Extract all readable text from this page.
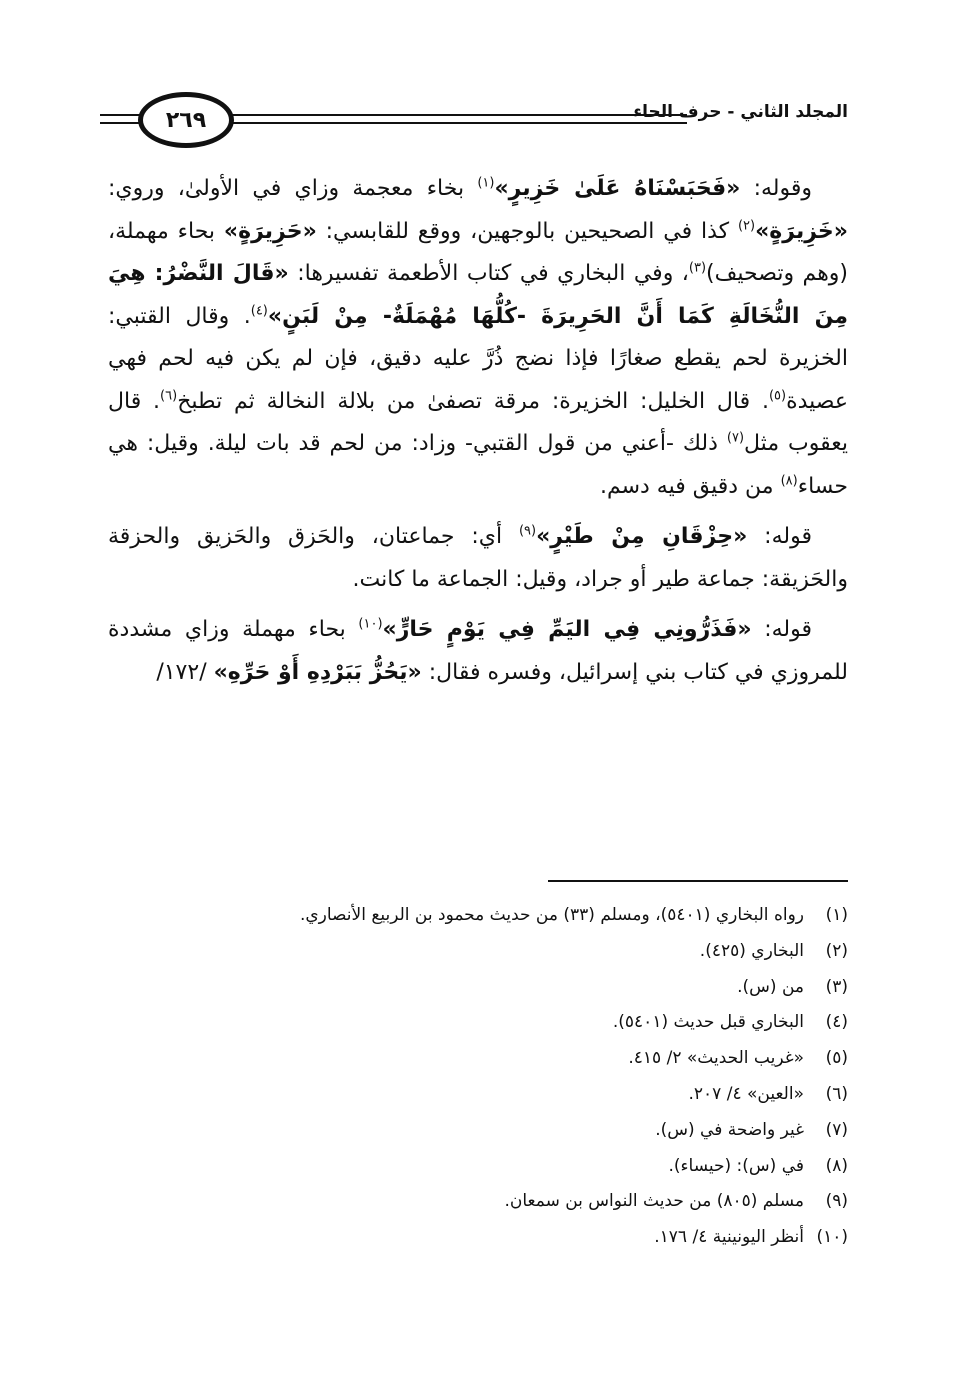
٢٦٩	المجلد الثاني - حرف الحاء

وقوله: «فَحَبَسْنَاهُ عَلَىٰ خَزِيرٍ»$^{(١)}$ بخاء معجمة وزاي في الأولىٰ، وروي: «خَزِيرَةٍ»$^{(٢)}$ كذا في الصحيحين بالوجهين، ووقع للقابسي: «حَزِيرَةٍ» بحاء مهملة، (وهم وتصحيف)$^{(٣)}$، وفي البخاري في كتاب الأطعمة تفسيرها: «قَالَ النَّضْرُ: هِيَ مِنَ النُّخَالَةِ كَمَا أَنَّ الحَرِيرَةَ -كُلُّهَا مُهْمَلَةٌ- مِنْ لَبَنٍ»$^{(٤)}$. وقال القتبي: الخزيرة لحم يقطع صغارًا فإذا نضج ذُرَّ عليه دقيق، فإن لم يكن فيه لحم فهي عصيدة$^{(٥)}$. قال الخليل: الخزيرة: مرقة تصفىٰ من بلالة النخالة ثم تطبخ$^{(٦)}$. قال يعقوب مثل$^{(٧)}$ ذلك -أعني من قول القتبي- وزاد: من لحم قد بات ليلة. وقيل: هي حساء$^{(٨)}$ من دقيق فيه دسم.

قوله: «حِزْقَانِ مِنْ طَيْرٍ»$^{(٩)}$ أي: جماعتان، والحَزق والحَزيق والحزقة والحَزيقة: جماعة طير أو جراد، وقيل: الجماعة ما كانت.

قوله: «فَذَرُّونِي فِي اليَمِّ فِي يَوْمٍ حَارٍّ»$^{(١٠)}$ بحاء مهملة وزاي مشددة للمروزي في كتاب بني إسرائيل، وفسره فقال: «يَحُزُّ بَبَرْدِهِ أَوْ حَرِّهِ» /١٧٢/

(١)رواه البخاري (٥٤٠١)، ومسلم (٣٣) من حديث محمود بن الربيع الأنصاري.
(٢)البخاري (٤٢٥).
(٣)من (س).
(٤)البخاري قبل حديث (٥٤٠١).
(٥)«غريب الحديث» ٢/ ٤١٥.
(٦)«العين» ٤/ ٢٠٧.
(٧)غير واضحة في (س).
(٨)في (س): (حيساء).
(٩)مسلم (٨٠٥) من حديث النواس بن سمعان.
(١٠)أنظر اليونينية ٤/ ١٧٦.
